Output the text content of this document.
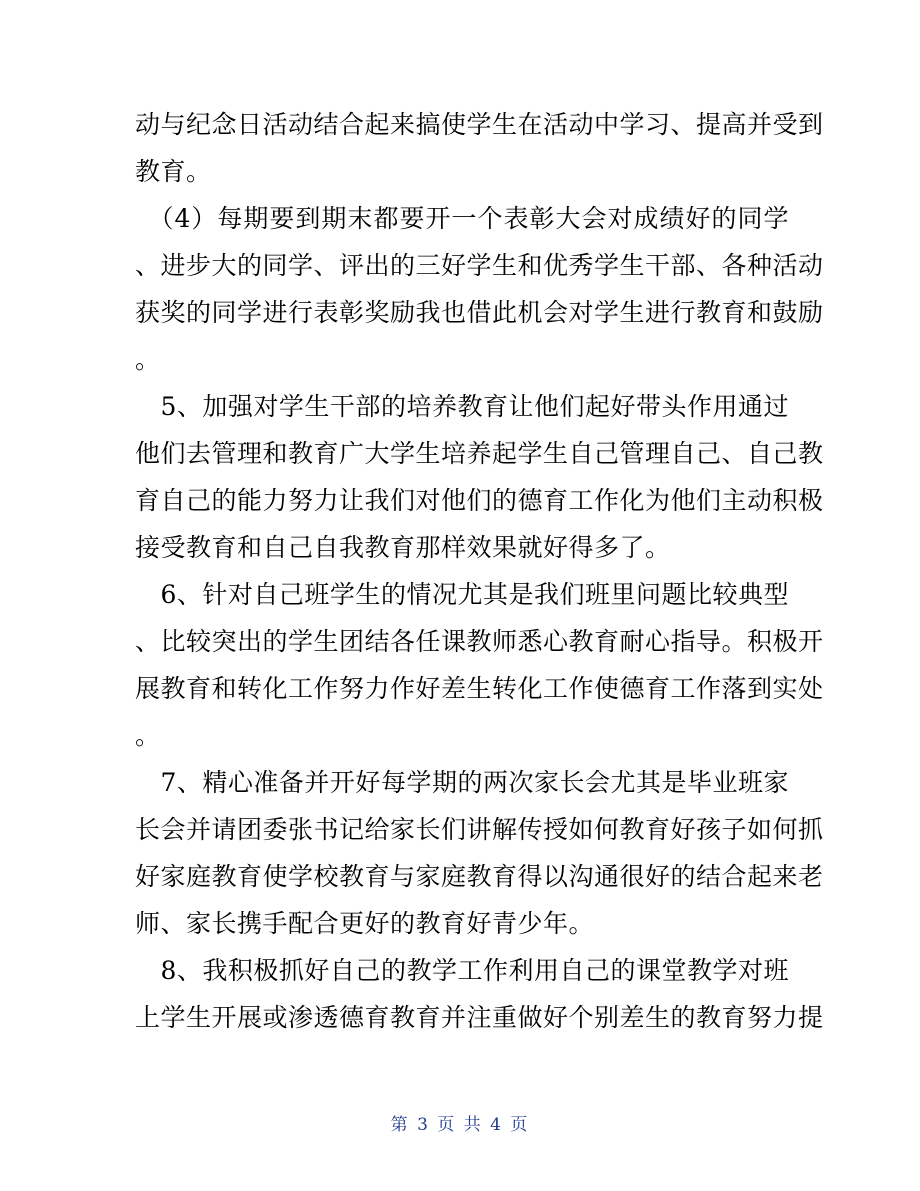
动与纪念日活动结合起来搞使学生在活动中学习、提高并受到
教育。
　（4）每期要到期末都要开一个表彰大会对成绩好的同学
、进步大的同学、评出的三好学生和优秀学生干部、各种活动
获奖的同学进行表彰奖励我也借此机会对学生进行教育和鼓励
。
　5、加强对学生干部的培养教育让他们起好带头作用通过
他们去管理和教育广大学生培养起学生自己管理自己、自己教
育自己的能力努力让我们对他们的德育工作化为他们主动积极
接受教育和自己自我教育那样效果就好得多了。
　6、针对自己班学生的情况尤其是我们班里问题比较典型
、比较突出的学生团结各任课教师悉心教育耐心指导。积极开
展教育和转化工作努力作好差生转化工作使德育工作落到实处
。
　7、精心准备并开好每学期的两次家长会尤其是毕业班家
长会并请团委张书记给家长们讲解传授如何教育好孩子如何抓
好家庭教育使学校教育与家庭教育得以沟通很好的结合起来老
师、家长携手配合更好的教育好青少年。
　8、我积极抓好自己的教学工作利用自己的课堂教学对班
上学生开展或渗透德育教育并注重做好个别差生的教育努力提
第 3 页 共 4 页
